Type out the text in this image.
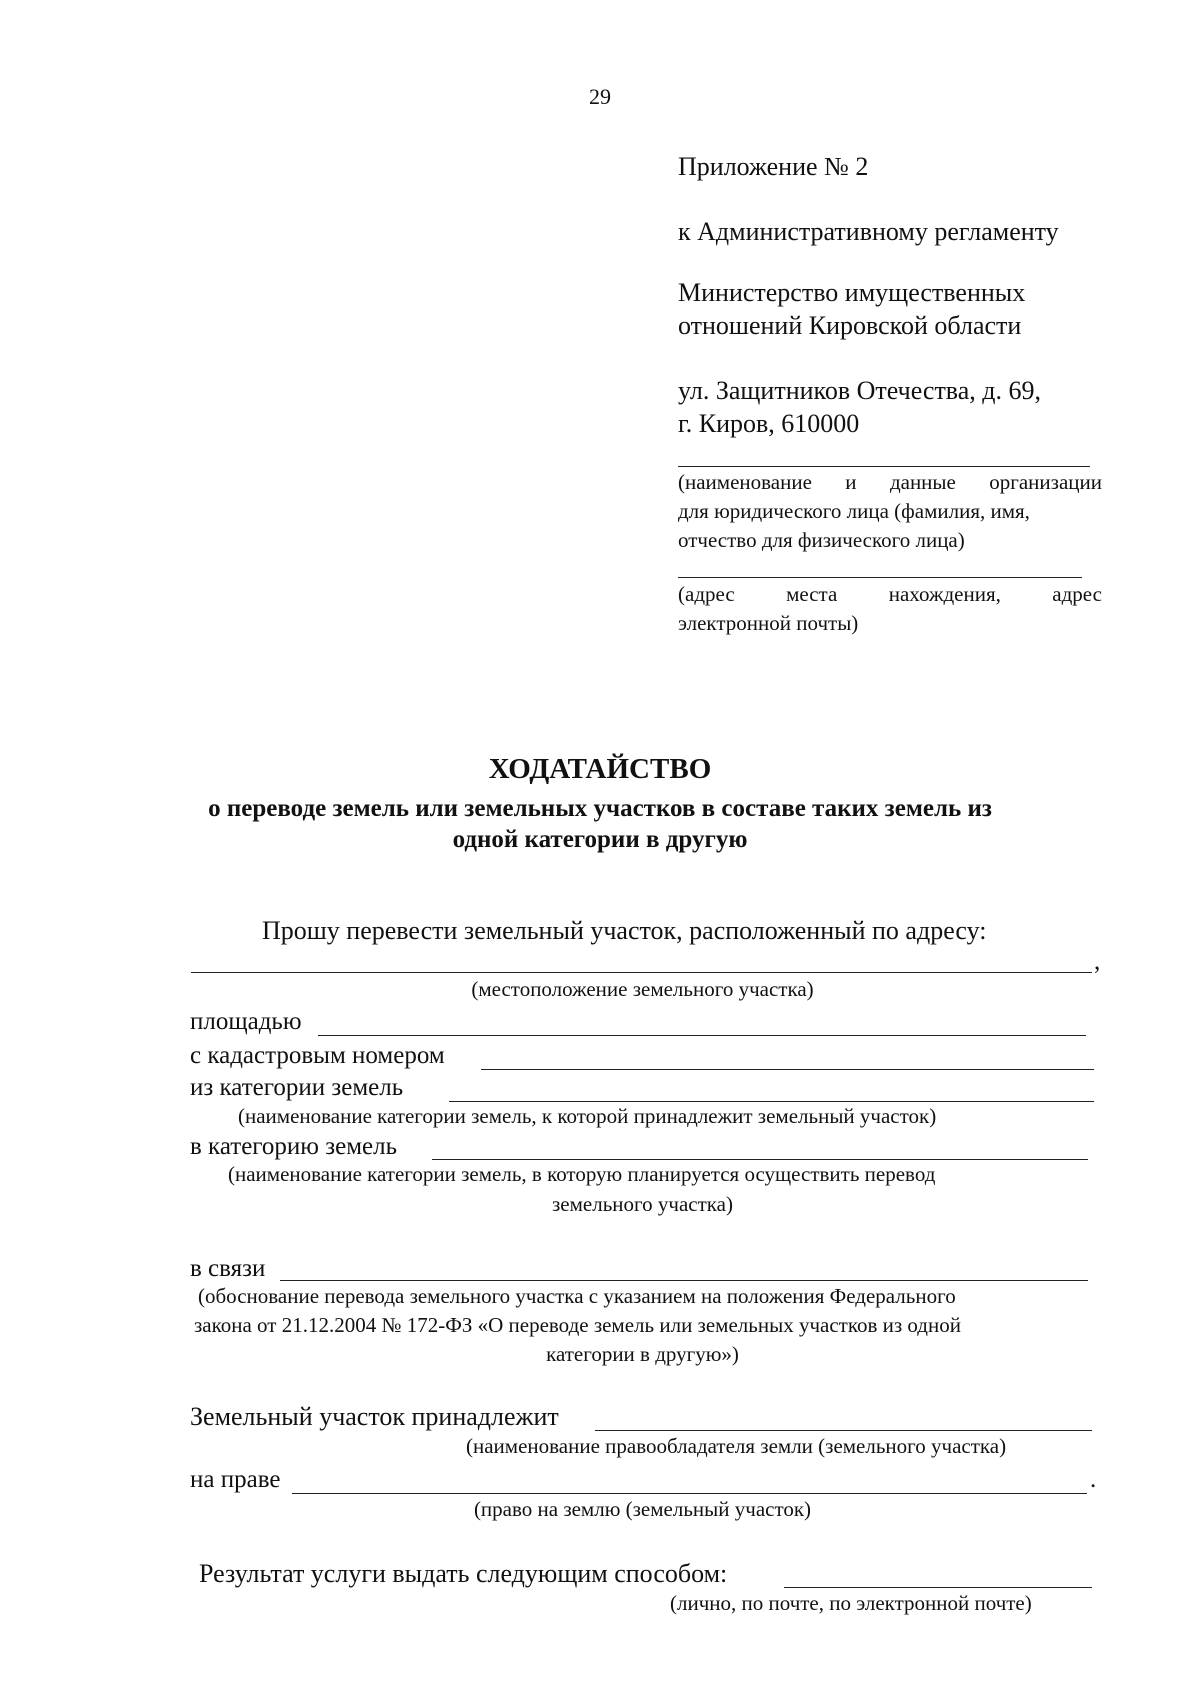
29
Приложение № 2
к Административному регламенту
Министерство имущественных
отношений Кировской области
ул. Защитников Отечества, д. 69,
г. Киров, 610000
(наименование и данные организации
для юридического лица (фамилия, имя,
отчество для физического лица)
(адрес места нахождения, адрес
электронной почты)
ХОДАТАЙСТВО
о переводе земель или земельных участков в составе таких земель из
одной категории в другую
Прошу перевести земельный участок, расположенный по адресу:
,
(местоположение земельного участка)
площадью
с кадастровым номером
из категории земель
(наименование категории земель, к которой принадлежит земельный участок)
в категорию земель
(наименование категории земель, в которую планируется осуществить перевод
земельного участка)
в связи
(обоснование перевода земельного участка с указанием на положения Федерального
закона от 21.12.2004 № 172-ФЗ «О переводе земель или земельных участков из одной
категории в другую»)
Земельный участок принадлежит
(наименование правообладателя земли (земельного участка)
на праве	.
(право на землю (земельный участок)
Результат услуги выдать следующим способом:
(лично, по почте, по электронной почте)
